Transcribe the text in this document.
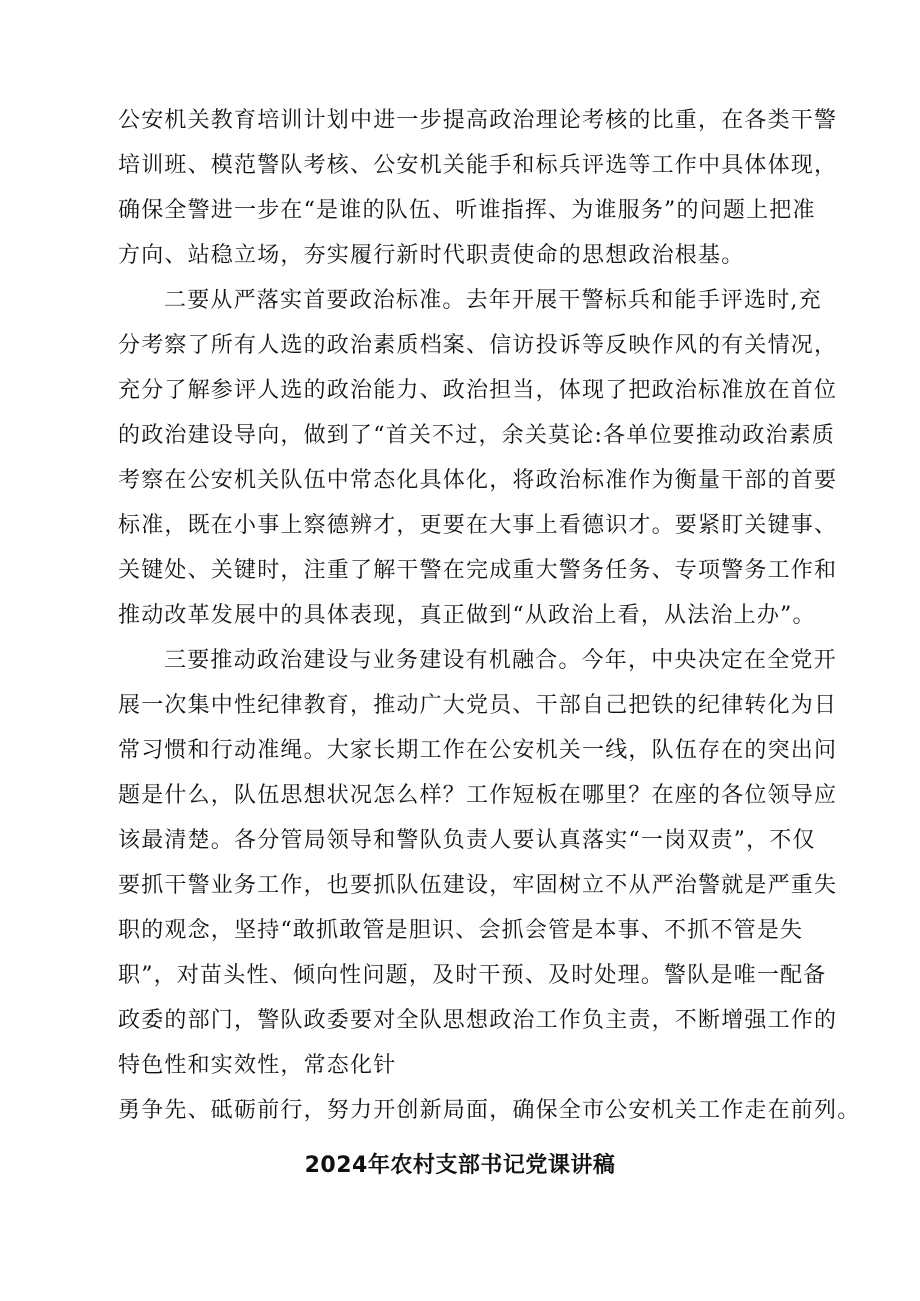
公安机关教育培训计划中进一步提高政治理论考核的比重，在各类干警
培训班、模范警队考核、公安机关能手和标兵评选等工作中具体体现，
确保全警进一步在“是谁的队伍、听谁指挥、为谁服务”的问题上把准
方向、站稳立场，夯实履行新时代职责使命的思想政治根基。
二要从严落实首要政治标准。去年开展干警标兵和能手评选时,充
分考察了所有人选的政治素质档案、信访投诉等反映作风的有关情况，
充分了解参评人选的政治能力、政治担当，体现了把政治标准放在首位
的政治建设导向，做到了“首关不过，余关莫论:各单位要推动政治素质
考察在公安机关队伍中常态化具体化，将政治标准作为衡量干部的首要
标准，既在小事上察德辨才，更要在大事上看德识才。要紧盯关键事、
关键处、关键时，注重了解干警在完成重大警务任务、专项警务工作和
推动改革发展中的具体表现，真正做到“从政治上看，从法治上办”。
三要推动政治建设与业务建设有机融合。今年，中央决定在全党开
展一次集中性纪律教育，推动广大党员、干部自己把铁的纪律转化为日
常习惯和行动准绳。大家长期工作在公安机关一线，队伍存在的突出问
题是什么，队伍思想状况怎么样？工作短板在哪里？在座的各位领导应
该最清楚。各分管局领导和警队负责人要认真落实“一岗双责”，不仅
要抓干警业务工作，也要抓队伍建设，牢固树立不从严治警就是严重失
职的观念，坚持“敢抓敢管是胆识、会抓会管是本事、不抓不管是失
职”，对苗头性、倾向性问题，及时干预、及时处理。警队是唯一配备
政委的部门，警队政委要对全队思想政治工作负主责，不断增强工作的
特色性和实效性，常态化针
勇争先、砥砺前行，努力开创新局面，确保全市公安机关工作走在前列。
2024年农村支部书记党课讲稿
